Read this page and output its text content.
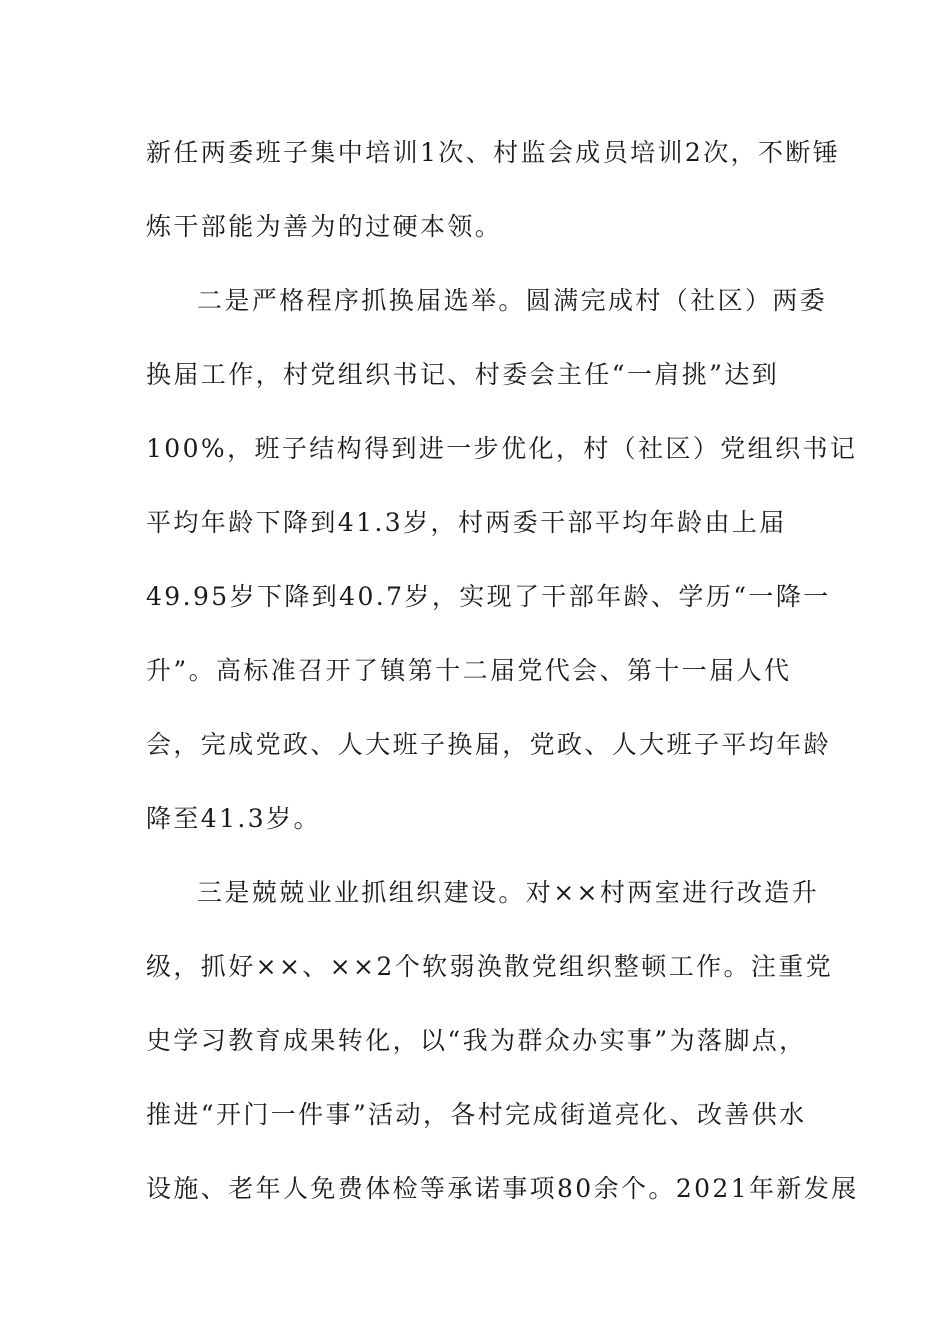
新任两委班子集中培训1次、村监会成员培训2次，不断锤

炼干部能为善为的过硬本领。

二是严格程序抓换届选举。圆满完成村（社区）两委

换届工作，村党组织书记、村委会主任“一肩挑”达到

100%，班子结构得到进一步优化，村（社区）党组织书记

平均年龄下降到41.3岁，村两委干部平均年龄由上届

49.95岁下降到40.7岁，实现了干部年龄、学历“一降一

升”。高标准召开了镇第十二届党代会、第十一届人代

会，完成党政、人大班子换届，党政、人大班子平均年龄

降至41.3岁。

三是兢兢业业抓组织建设。对××村两室进行改造升

级，抓好××、××2个软弱涣散党组织整顿工作。注重党

史学习教育成果转化，以“我为群众办实事”为落脚点，

推进“开门一件事”活动，各村完成街道亮化、改善供水

设施、老年人免费体检等承诺事项80余个。2021年新发展
